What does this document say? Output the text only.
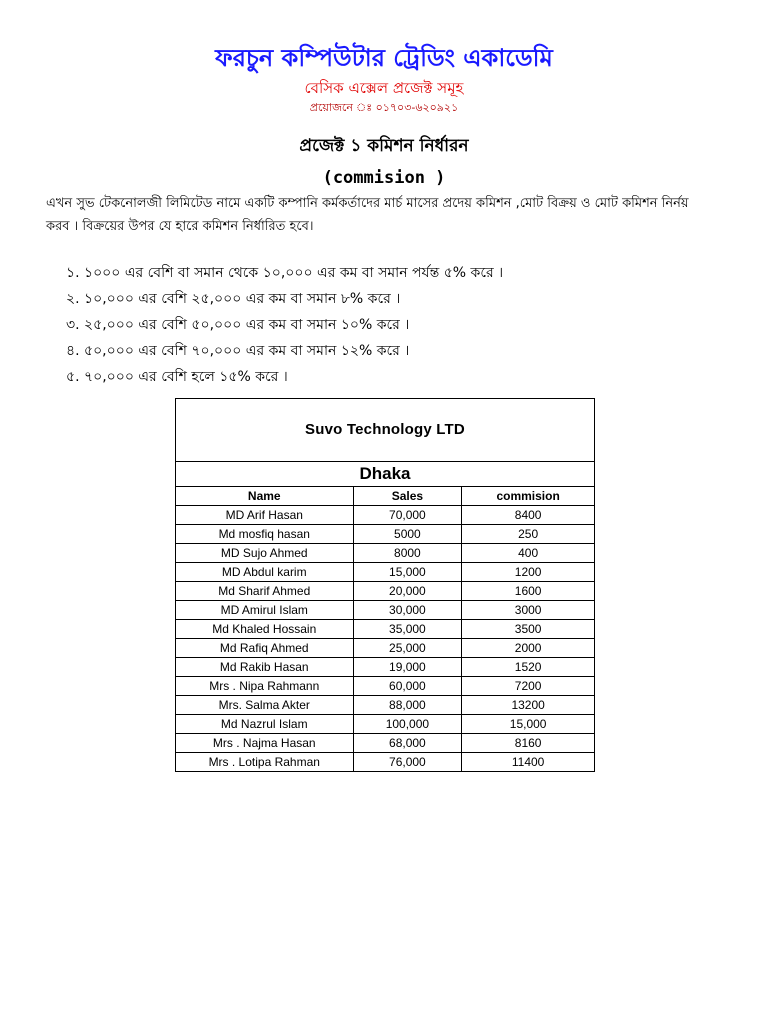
ফরচুন কম্পিউটার ট্রেডিং একাডেমি
বেসিক এক্সেল প্রজেক্ট সমূহ
প্রয়োজনে ঃ ০১৭০৩-৬২০৯২১
প্রজেক্ট ১ কমিশন নির্ধারন
(commision )
এখন সুভ টেকনোলজী লিমিটেড নামে একটি কম্পানি কর্মকর্তাদের মার্চ মাসের প্রদেয় কমিশন ,মোট বিক্রয় ও মোট কমিশন নির্নয় করব । বিক্রয়ের উপর যে হারে কমিশন নির্ধারিত হবে।
১. ১০০০ এর বেশি বা সমান থেকে ১০,০০০ এর কম বা সমান পর্যন্ত ৫% করে ।
২. ১০,০০০ এর বেশি ২৫,০০০ এর কম বা সমান ৮% করে ।
৩. ২৫,০০০ এর বেশি ৫০,০০০ এর কম বা সমান ১০% করে ।
৪. ৫০,০০০ এর বেশি ৭০,০০০ এর কম বা সমান ১২% করে ।
৫. ৭০,০০০ এর বেশি হলে ১৫% করে ।
Suvo Technology LTD		
Dhaka		
Name	Sales	commision
MD Arif Hasan	70,000	8400
Md mosfiq hasan	5000	250
MD Sujo Ahmed	8000	400
MD Abdul karim	15,000	1200
Md Sharif Ahmed	20,000	1600
MD Amirul Islam	30,000	3000
Md Khaled Hossain	35,000	3500
Md Rafiq Ahmed	25,000	2000
Md Rakib Hasan	19,000	1520
Mrs . Nipa Rahmann	60,000	7200
Mrs. Salma Akter	88,000	13200
Md Nazrul Islam	100,000	15,000
Mrs . Najma Hasan	68,000	8160
Mrs . Lotipa Rahman	76,000	11400
